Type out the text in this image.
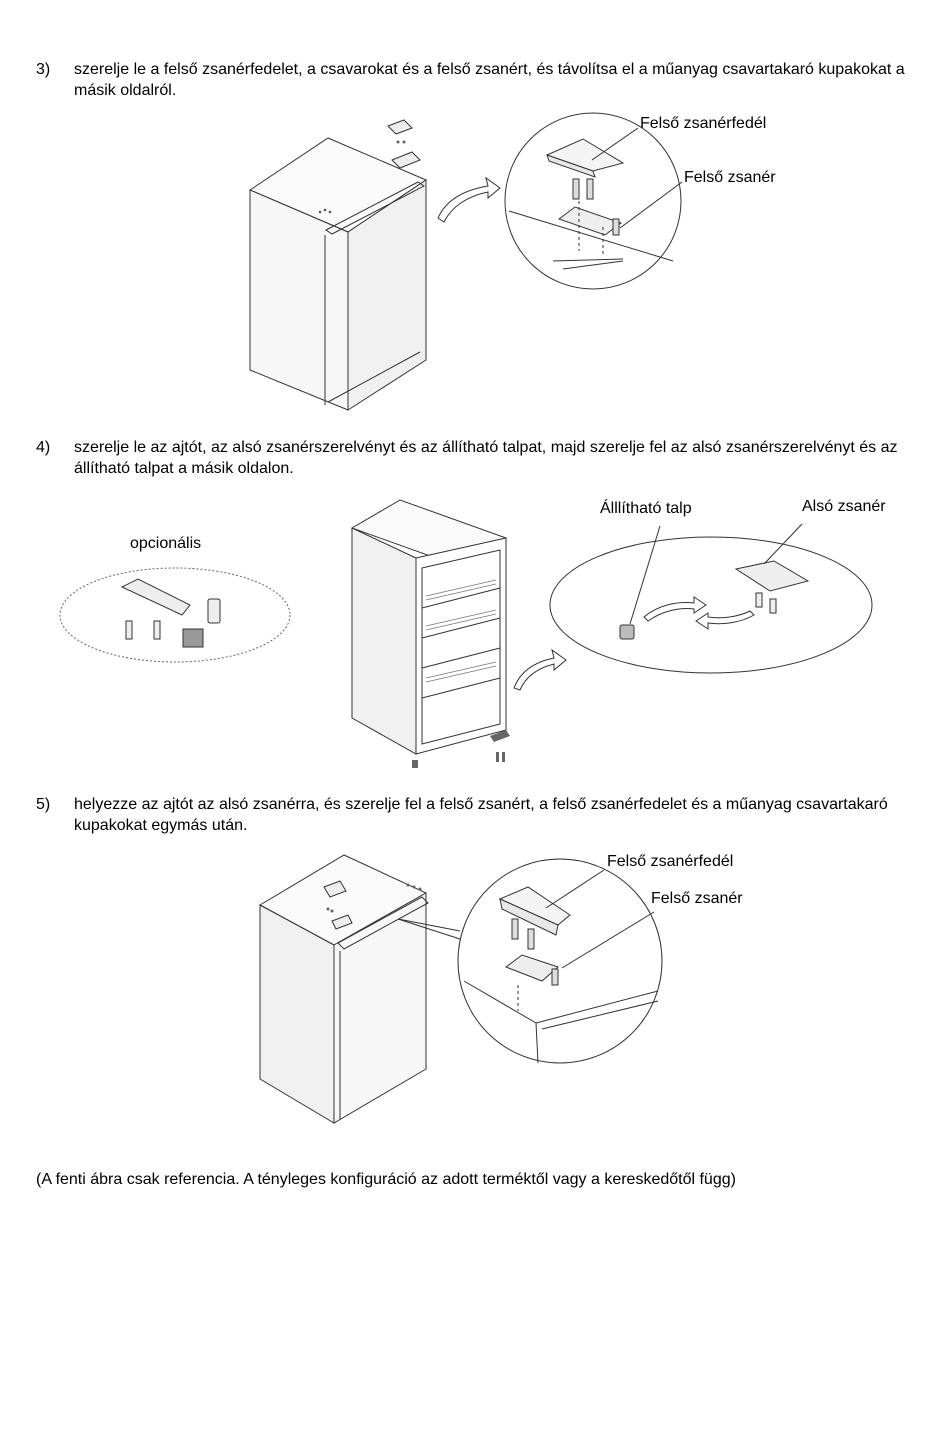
3) szerelje le a felső zsanérfedelet, a csavarokat és a felső zsanért, és távolítsa el a műanyag csavartakaró kupakokat a másik oldalról.
Felső zsanérfedél
Felső zsanér
4) szerelje le az ajtót, az alsó zsanérszerelvényt és az állítható talpat, majd szerelje fel az alsó zsanérszerelvényt és az állítható talpat a másik oldalon.
opcionális
Álllítható talp	Alsó zsanér
5) helyezze az ajtót az alsó zsanérra, és szerelje fel a felső zsanért, a felső zsanérfedelet és a műanyag csavartakaró kupakokat egymás után.
Felső zsanérfedél
Felső zsanér
(A fenti ábra csak referencia. A tényleges konfiguráció az adott terméktől vagy a kereskedőtől függ)
